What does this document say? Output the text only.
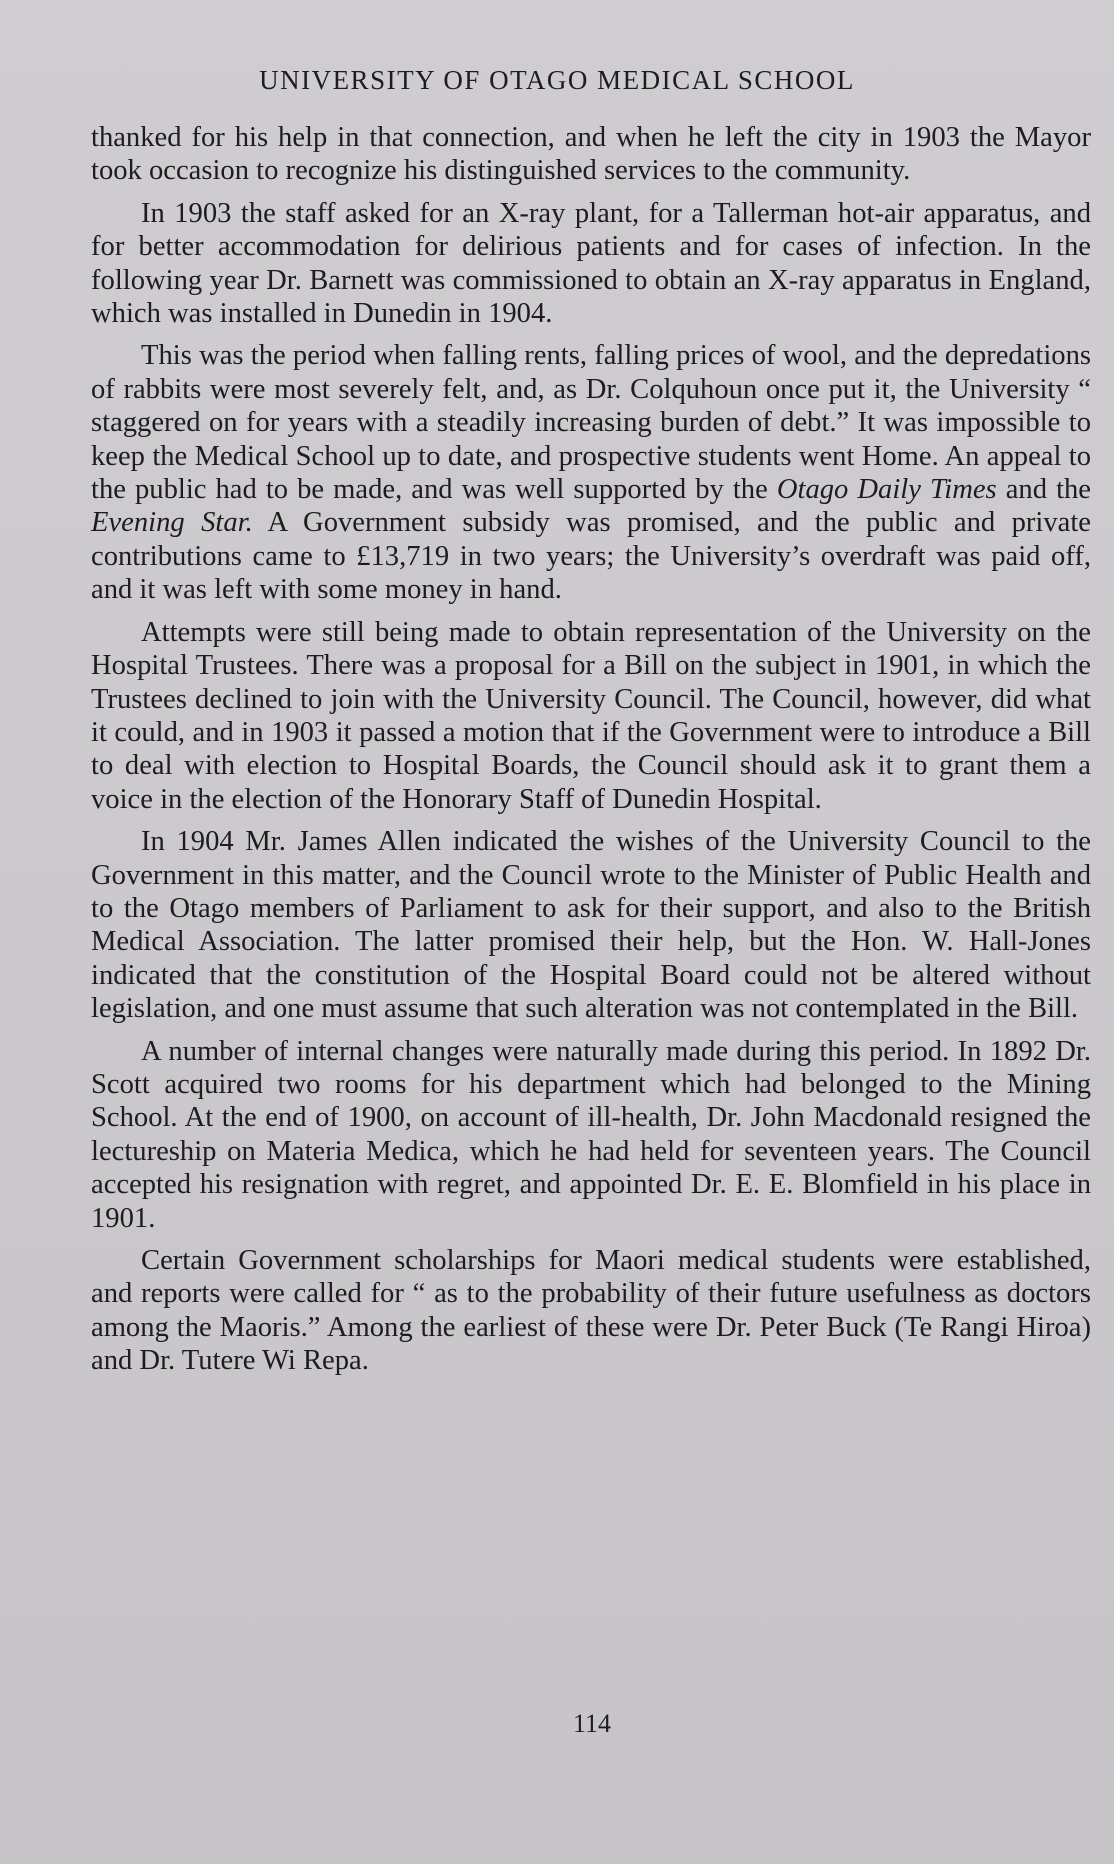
UNIVERSITY OF OTAGO MEDICAL SCHOOL

thanked for his help in that connection, and when he left the city in 1903 the Mayor took occasion to recognize his distinguished services to the community.

In 1903 the staff asked for an X-ray plant, for a Tallerman hot-air apparatus, and for better accommodation for delirious patients and for cases of infection. In the following year Dr. Barnett was commissioned to obtain an X-ray apparatus in England, which was installed in Dunedin in 1904.

This was the period when falling rents, falling prices of wool, and the depredations of rabbits were most severely felt, and, as Dr. Colquhoun once put it, the University “ staggered on for years with a steadily increasing burden of debt.” It was impossible to keep the Medical School up to date, and prospective students went Home. An appeal to the public had to be made, and was well supported by the Otago Daily Times and the Evening Star. A Government subsidy was promised, and the public and private contributions came to £13,719 in two years; the University’s overdraft was paid off, and it was left with some money in hand.

Attempts were still being made to obtain representation of the University on the Hospital Trustees. There was a proposal for a Bill on the subject in 1901, in which the Trustees declined to join with the University Council. The Council, however, did what it could, and in 1903 it passed a motion that if the Government were to introduce a Bill to deal with election to Hospital Boards, the Council should ask it to grant them a voice in the election of the Honorary Staff of Dunedin Hospital.

In 1904 Mr. James Allen indicated the wishes of the University Council to the Government in this matter, and the Council wrote to the Minister of Public Health and to the Otago members of Parliament to ask for their support, and also to the British Medical Association. The latter promised their help, but the Hon. W. Hall-Jones indicated that the constitution of the Hospital Board could not be altered without legislation, and one must assume that such alteration was not contemplated in the Bill.

A number of internal changes were naturally made during this period. In 1892 Dr. Scott acquired two rooms for his department which had belonged to the Mining School. At the end of 1900, on account of ill-health, Dr. John Macdonald resigned the lectureship on Materia Medica, which he had held for seventeen years. The Council accepted his resignation with regret, and appointed Dr. E. E. Blomfield in his place in 1901.

Certain Government scholarships for Maori medical students were established, and reports were called for “ as to the probability of their future usefulness as doctors among the Maoris.” Among the earliest of these were Dr. Peter Buck (Te Rangi Hiroa) and Dr. Tutere Wi Repa.

114
